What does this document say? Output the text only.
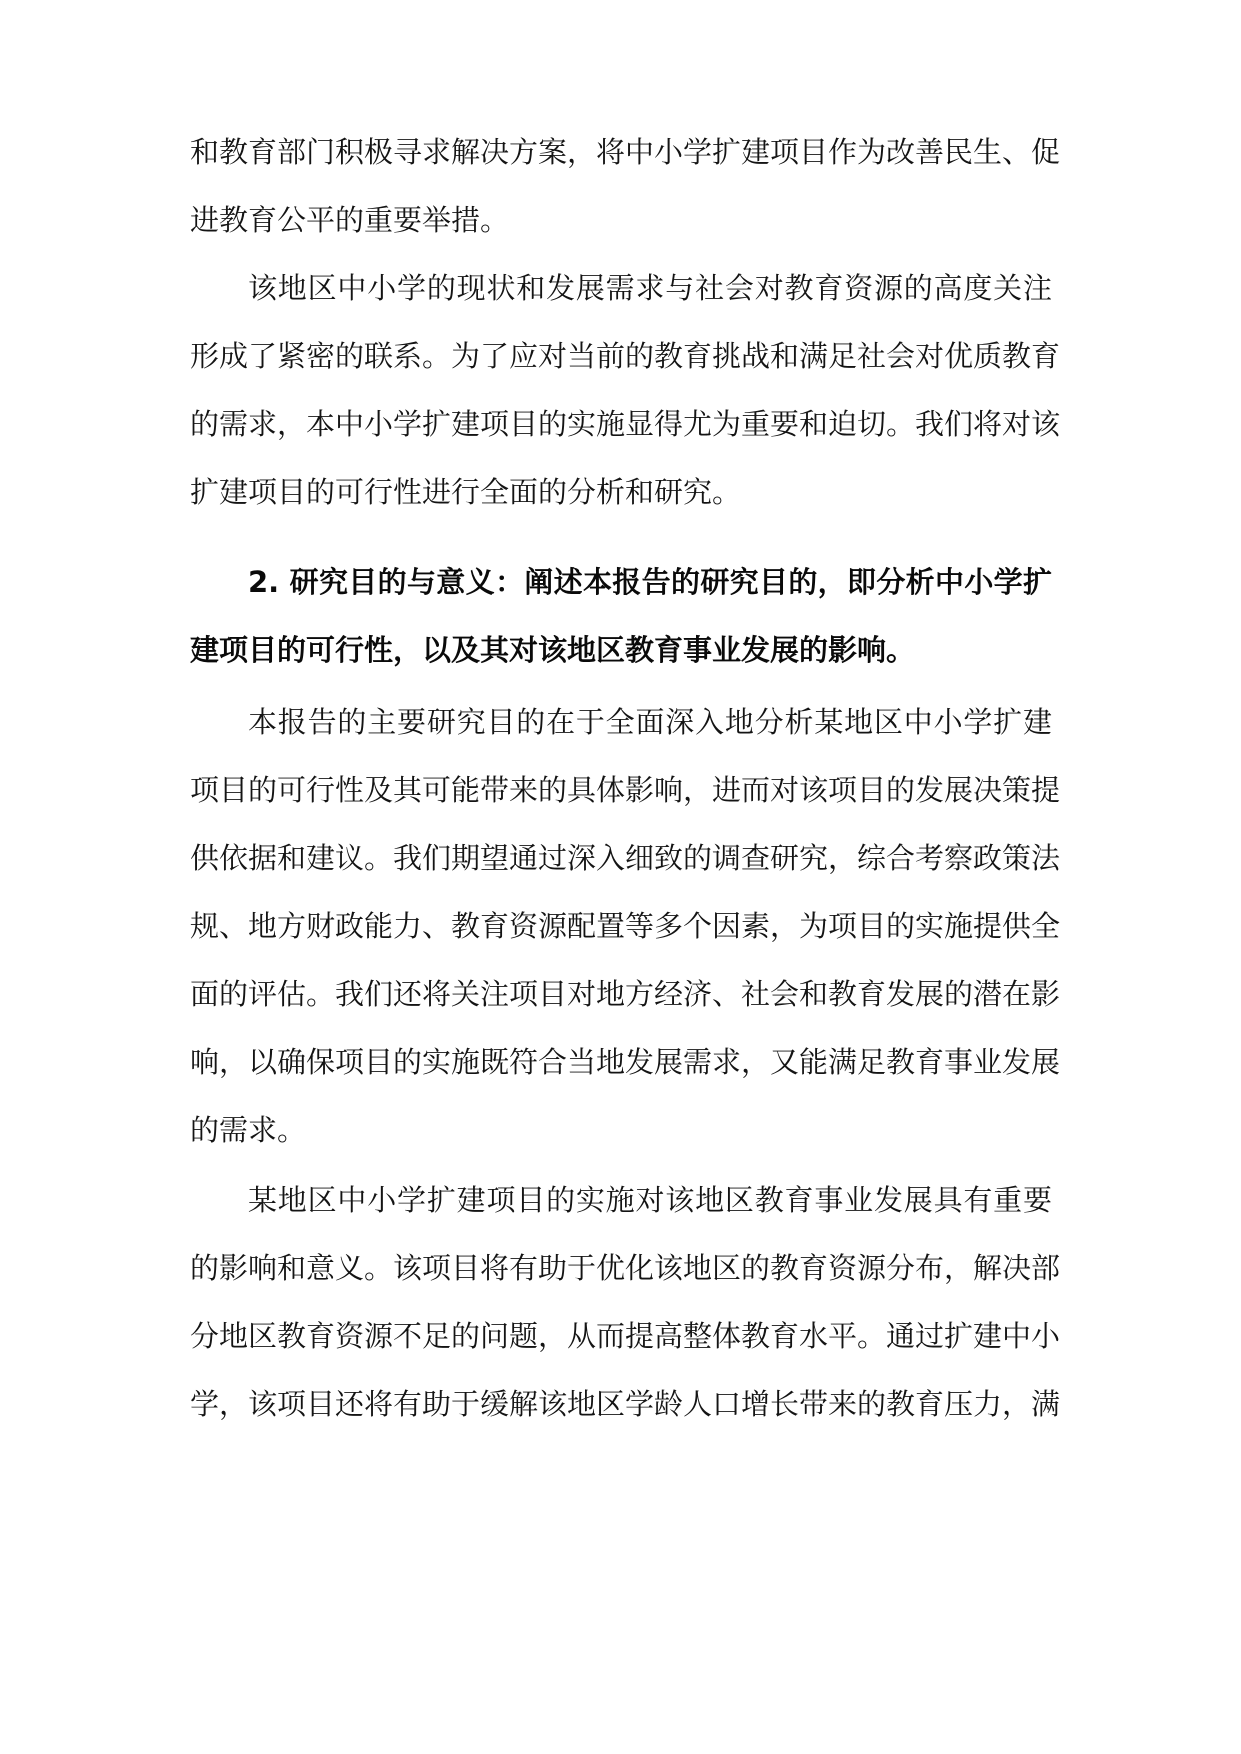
和教育部门积极寻求解决方案，将中小学扩建项目作为改善民生、促
进教育公平的重要举措。
该地区中小学的现状和发展需求与社会对教育资源的高度关注
形成了紧密的联系。为了应对当前的教育挑战和满足社会对优质教育
的需求，本中小学扩建项目的实施显得尤为重要和迫切。我们将对该
扩建项目的可行性进行全面的分析和研究。
2. 研究目的与意义：阐述本报告的研究目的，即分析中小学扩
建项目的可行性，以及其对该地区教育事业发展的影响。
本报告的主要研究目的在于全面深入地分析某地区中小学扩建
项目的可行性及其可能带来的具体影响，进而对该项目的发展决策提
供依据和建议。我们期望通过深入细致的调查研究，综合考察政策法
规、地方财政能力、教育资源配置等多个因素，为项目的实施提供全
面的评估。我们还将关注项目对地方经济、社会和教育发展的潜在影
响，以确保项目的实施既符合当地发展需求，又能满足教育事业发展
的需求。
某地区中小学扩建项目的实施对该地区教育事业发展具有重要
的影响和意义。该项目将有助于优化该地区的教育资源分布，解决部
分地区教育资源不足的问题，从而提高整体教育水平。通过扩建中小
学，该项目还将有助于缓解该地区学龄人口增长带来的教育压力，满
